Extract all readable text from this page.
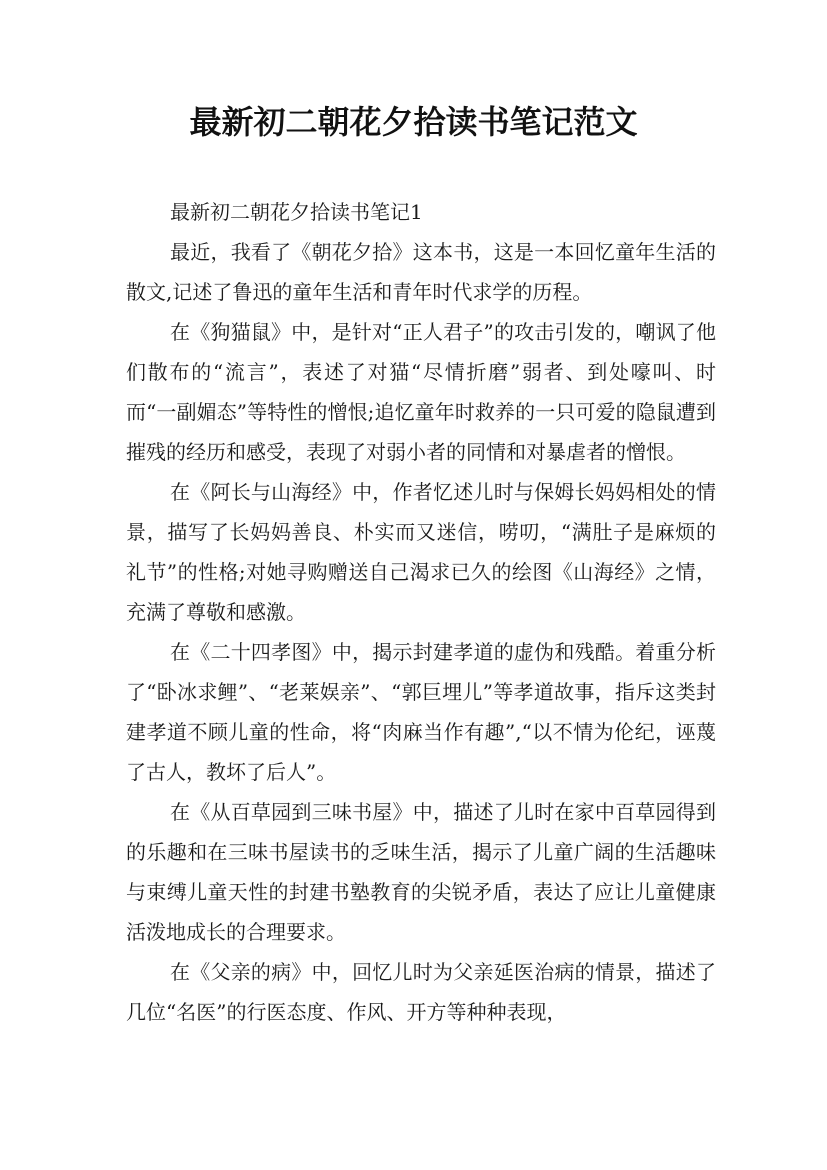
最新初二朝花夕拾读书笔记范文

最新初二朝花夕拾读书笔记1

最近，我看了《朝花夕拾》这本书，这是一本回忆童年生活的散文,记述了鲁迅的童年生活和青年时代求学的历程。

在《狗猫鼠》中，是针对“正人君子”的攻击引发的，嘲讽了他们散布的“流言”，表述了对猫“尽情折磨”弱者、到处嚎叫、时而“一副媚态”等特性的憎恨;追忆童年时救养的一只可爱的隐鼠遭到摧残的经历和感受，表现了对弱小者的同情和对暴虐者的憎恨。

在《阿长与山海经》中，作者忆述儿时与保姆长妈妈相处的情景，描写了长妈妈善良、朴实而又迷信，唠叨，“满肚子是麻烦的礼节”的性格;对她寻购赠送自己渴求已久的绘图《山海经》之情，充满了尊敬和感激。

在《二十四孝图》中，揭示封建孝道的虚伪和残酷。着重分析了“卧冰求鲤”、“老莱娱亲”、“郭巨埋儿”等孝道故事，指斥这类封建孝道不顾儿童的性命，将“肉麻当作有趣”,“以不情为伦纪，诬蔑了古人，教坏了后人”。

在《从百草园到三味书屋》中，描述了儿时在家中百草园得到的乐趣和在三味书屋读书的乏味生活，揭示了儿童广阔的生活趣味与束缚儿童天性的封建书塾教育的尖锐矛盾，表达了应让儿童健康活泼地成长的合理要求。

在《父亲的病》中，回忆儿时为父亲延医治病的情景，描述了几位“名医”的行医态度、作风、开方等种种表现，
